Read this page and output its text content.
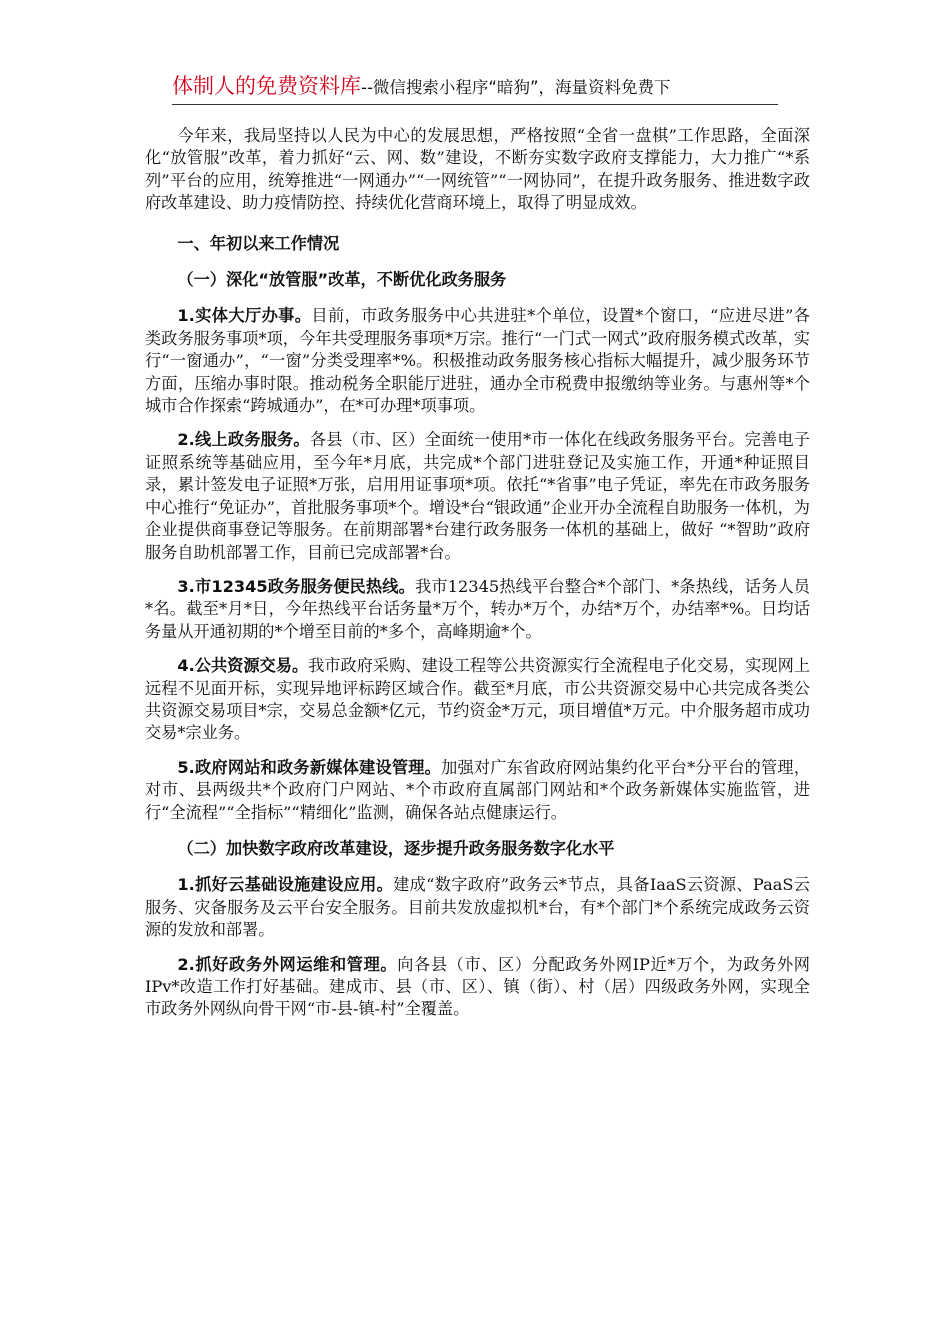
体制人的免费资料库--微信搜索小程序“暗狗”，海量资料免费下

今年来，我局坚持以人民为中心的发展思想，严格按照“全省一盘棋”工作思路，全面深化“放管服”改革，着力抓好“云、网、数”建设，不断夯实数字政府支撑能力，大力推广“*系列”平台的应用，统筹推进“一网通办”“一网统管”“一网协同”，在提升政务服务、推进数字政府改革建设、助力疫情防控、持续优化营商环境上，取得了明显成效。

一、年初以来工作情况

（一）深化“放管服”改革，不断优化政务服务

1.实体大厅办事。目前，市政务服务中心共进驻*个单位，设置*个窗口，“应进尽进”各类政务服务事项*项，今年共受理服务事项*万宗。推行“一门式一网式”政府服务模式改革，实行“一窗通办”，“一窗”分类受理率*%。积极推动政务服务核心指标大幅提升，减少服务环节方面，压缩办事时限。推动税务全职能厅进驻，通办全市税费申报缴纳等业务。与惠州等*个城市合作探索“跨城通办”，在*可办理*项事项。

2.线上政务服务。各县（市、区）全面统一使用*市一体化在线政务服务平台。完善电子证照系统等基础应用，至今年*月底，共完成*个部门进驻登记及实施工作，开通*种证照目录，累计签发电子证照*万张，启用用证事项*项。依托“*省事”电子凭证，率先在市政务服务中心推行“免证办”，首批服务事项*个。增设*台“银政通”企业开办全流程自助服务一体机，为企业提供商事登记等服务。在前期部署*台建行政务服务一体机的基础上，做好 “*智助”政府服务自助机部署工作，目前已完成部署*台。

3.市12345政务服务便民热线。我市12345热线平台整合*个部门、*条热线，话务人员*名。截至*月*日，今年热线平台话务量*万个，转办*万个，办结*万个，办结率*%。日均话务量从开通初期的*个增至目前的*多个，高峰期逾*个。

4.公共资源交易。我市政府采购、建设工程等公共资源实行全流程电子化交易，实现网上远程不见面开标，实现异地评标跨区域合作。截至*月底，市公共资源交易中心共完成各类公共资源交易项目*宗，交易总金额*亿元，节约资金*万元，项目增值*万元。中介服务超市成功交易*宗业务。

5.政府网站和政务新媒体建设管理。加强对广东省政府网站集约化平台*分平台的管理，对市、县两级共*个政府门户网站、*个市政府直属部门网站和*个政务新媒体实施监管，进行“全流程”“全指标”“精细化”监测，确保各站点健康运行。

（二）加快数字政府改革建设，逐步提升政务服务数字化水平

1.抓好云基础设施建设应用。建成“数字政府”政务云*节点，具备IaaS云资源、PaaS云服务、灾备服务及云平台安全服务。目前共发放虚拟机*台，有*个部门*个系统完成政务云资源的发放和部署。

2.抓好政务外网运维和管理。向各县（市、区）分配政务外网IP近*万个，为政务外网IPv*改造工作打好基础。建成市、县（市、区）、镇（街）、村（居）四级政务外网，实现全市政务外网纵向骨干网“市-县-镇-村”全覆盖。
